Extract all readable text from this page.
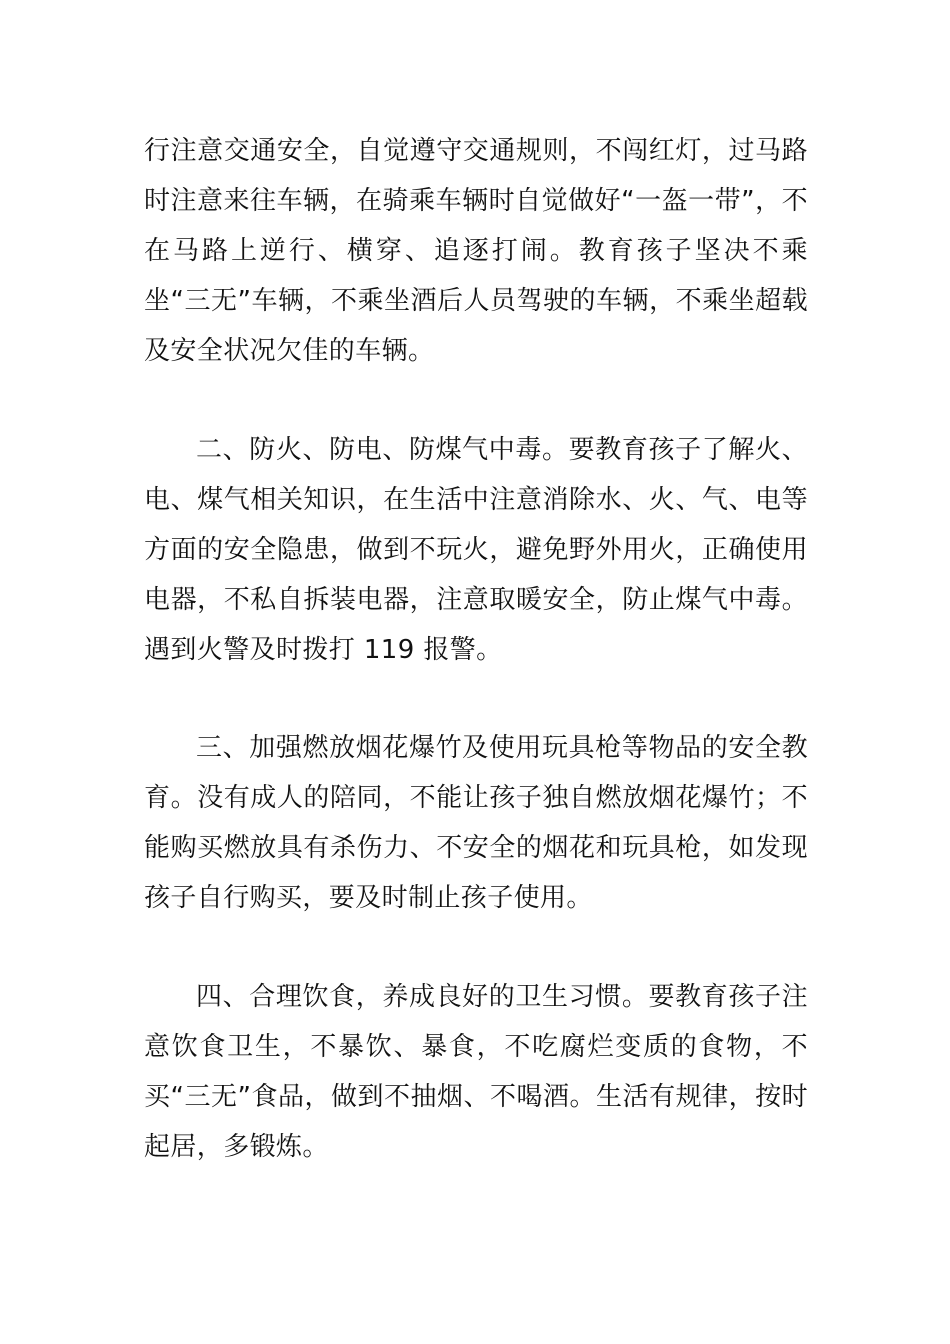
行注意交通安全，自觉遵守交通规则，不闯红灯，过马路时注意来往车辆，在骑乘车辆时自觉做好“一盔一带”，不在马路上逆行、横穿、追逐打闹。教育孩子坚决不乘坐“三无”车辆，不乘坐酒后人员驾驶的车辆，不乘坐超载及安全状况欠佳的车辆。

二、防火、防电、防煤气中毒。要教育孩子了解火、电、煤气相关知识，在生活中注意消除水、火、气、电等方面的安全隐患，做到不玩火，避免野外用火，正确使用电器，不私自拆装电器，注意取暖安全，防止煤气中毒。遇到火警及时拨打 119 报警。

三、加强燃放烟花爆竹及使用玩具枪等物品的安全教育。没有成人的陪同，不能让孩子独自燃放烟花爆竹；不能购买燃放具有杀伤力、不安全的烟花和玩具枪，如发现孩子自行购买，要及时制止孩子使用。

四、合理饮食，养成良好的卫生习惯。要教育孩子注意饮食卫生，不暴饮、暴食，不吃腐烂变质的食物，不买“三无”食品，做到不抽烟、不喝酒。生活有规律，按时起居，多锻炼。
